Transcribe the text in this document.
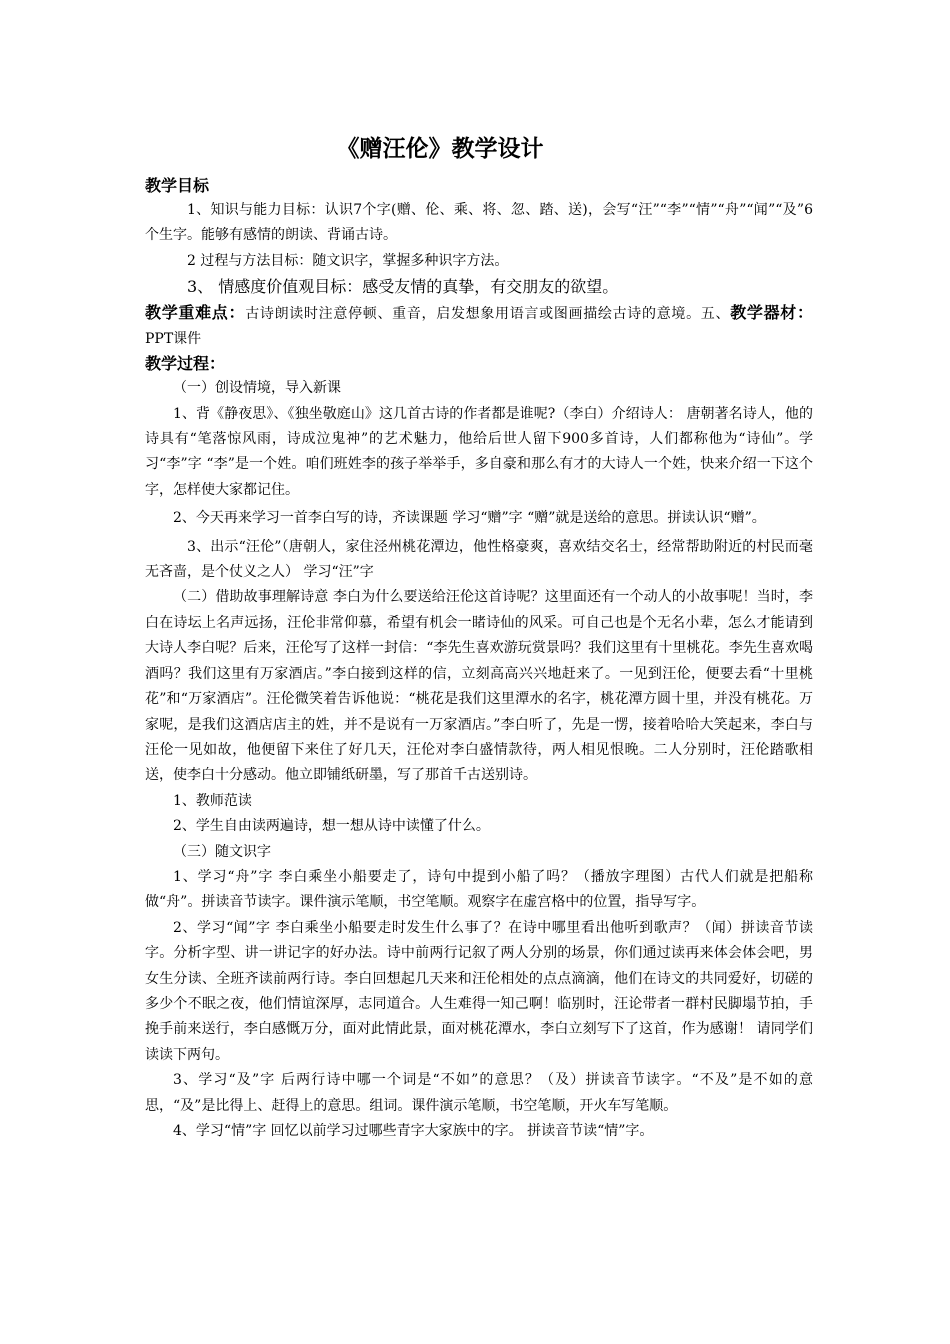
《赠汪伦》教学设计
教学目标

1、知识与能力目标：认识7个字(赠、伦、乘、将、忽、踏、送)，会写“汪”“李”“情”“舟”“闻”“及”6个生字。能够有感情的朗读、背诵古诗。

2 过程与方法目标：随文识字，掌握多种识字方法。

3、 情感度价值观目标：感受友情的真挚，有交朋友的欲望。

教学重难点：古诗朗读时注意停顿、重音，启发想象用语言或图画描绘古诗的意境。五、教学器材： PPT课件

教学过程：

（一）创设情境，导入新课

1、背《静夜思》、《独坐敬庭山》这几首古诗的作者都是谁呢?（李白）介绍诗人： 唐朝著名诗人，他的诗具有“笔落惊风雨，诗成泣鬼神”的艺术魅力，他给后世人留下900多首诗，人们都称他为“诗仙”。学习“李”字 “李”是一个姓。咱们班姓李的孩子举举手，多自豪和那么有才的大诗人一个姓，快来介绍一下这个字，怎样使大家都记住。

2、今天再来学习一首李白写的诗，齐读课题 学习“赠”字 “赠”就是送给的意思。拼读认识“赠”。

3、出示“汪伦”（唐朝人，家住泾州桃花潭边，他性格豪爽，喜欢结交名士，经常帮助附近的村民而毫无吝啬，是个仗义之人） 学习“汪”字

（二）借助故事理解诗意 李白为什么要送给汪伦这首诗呢？这里面还有一个动人的小故事呢！当时，李白在诗坛上名声远扬，汪伦非常仰慕，希望有机会一睹诗仙的风采。可自己也是个无名小辈，怎么才能请到大诗人李白呢？后来，汪伦写了这样一封信：“李先生喜欢游玩赏景吗？我们这里有十里桃花。李先生喜欢喝酒吗？我们这里有万家酒店。”李白接到这样的信，立刻高高兴兴地赶来了。一见到汪伦，便要去看“十里桃花”和“万家酒店”。汪伦微笑着告诉他说：“桃花是我们这里潭水的名字，桃花潭方圆十里，并没有桃花。万家呢，是我们这酒店店主的姓，并不是说有一万家酒店。”李白听了，先是一愣，接着哈哈大笑起来，李白与汪伦一见如故，他便留下来住了好几天，汪伦对李白盛情款待，两人相见恨晚。二人分别时，汪伦踏歌相送，使李白十分感动。他立即铺纸研墨，写了那首千古送别诗。

1、教师范读

2、学生自由读两遍诗，想一想从诗中读懂了什么。

（三）随文识字

1、学习“舟”字 李白乘坐小船要走了，诗句中提到小船了吗？（播放字理图）古代人们就是把船称做“舟”。拼读音节读字。课件演示笔顺，书空笔顺。观察字在虚宫格中的位置，指导写字。

2、学习“闻”字 李白乘坐小船要走时发生什么事了？在诗中哪里看出他听到歌声？（闻）拼读音节读字。分析字型、讲一讲记字的好办法。诗中前两行记叙了两人分别的场景，你们通过读再来体会体会吧，男女生分读、全班齐读前两行诗。李白回想起几天来和汪伦相处的点点滴滴，他们在诗文的共同爱好，切磋的多少个不眠之夜，他们情谊深厚，志同道合。人生难得一知己啊！临别时，汪论带者一群村民脚塌节拍，手挽手前来送行，李白感慨万分，面对此情此景，面对桃花潭水，李白立刻写下了这首，作为感谢！ 请同学们读读下两句。

3、学习“及”字 后两行诗中哪一个词是“不如”的意思？（及）拼读音节读字。“不及”是不如的意思，“及”是比得上、赶得上的意思。组词。课件演示笔顺，书空笔顺，开火车写笔顺。

4、学习“情”字 回忆以前学习过哪些青字大家族中的字。 拼读音节读“情”字。
